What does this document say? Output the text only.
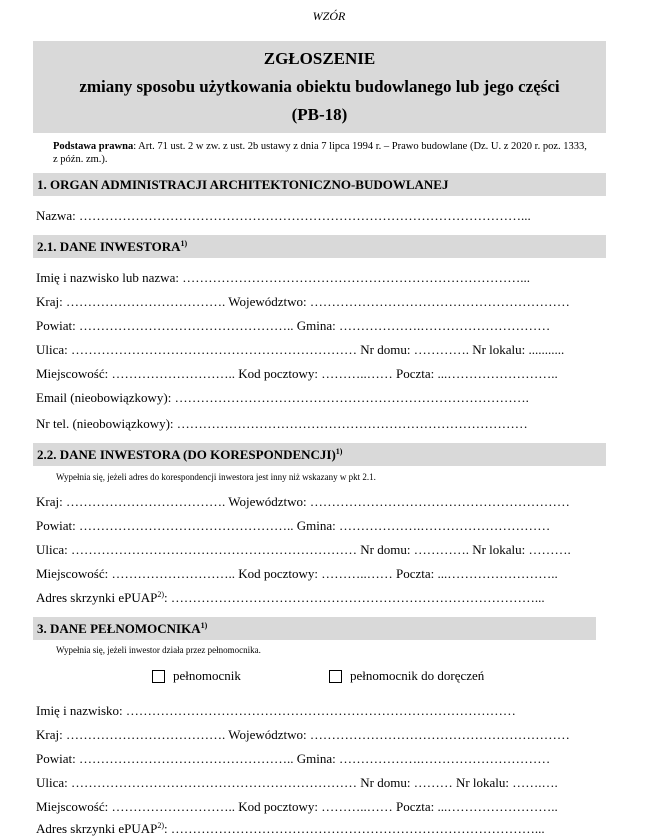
WZÓR
ZGŁOSZENIE
zmiany sposobu użytkowania obiektu budowlanego lub jego części
(PB-18)
Podstawa prawna: Art. 71 ust. 2 w zw. z ust. 2b ustawy z dnia 7 lipca 1994 r. – Prawo budowlane (Dz. U. z 2020 r. poz. 1333, z późn. zm.).
1. ORGAN ADMINISTRACJI ARCHITEKTONICZNO-BUDOWLANEJ
Nazwa: …………………………………………………………………………………………...
2.1. DANE INWESTORA$^{1)}$
Imię i nazwisko lub nazwa: ……………………………………………………………………...
Kraj: ………………………………. Województwo: ……………………………………………………
Powiat: ………………………………………….. Gmina: ……………….…………………………
Ulica: ………………………………………………………… Nr domu: …………. Nr lokalu: ...........
Miejscowość: ……………………….. Kod pocztowy: ………..…… Poczta: ...……………………..
Email (nieobowiązkowy): ……………………………………………………………………….
Nr tel. (nieobowiązkowy): ………………………………………………………………………
2.2. DANE INWESTORA (DO KORESPONDENCJI)$^{1)}$
Wypełnia się, jeżeli adres do korespondencji inwestora jest inny niż wskazany w pkt 2.1.
Kraj: ………………………………. Województwo: ……………………………………………………
Powiat: ………………………………………….. Gmina: ……………….…………………………
Ulica: ………………………………………………………… Nr domu: …………. Nr lokalu: ……….
Miejscowość: ……………………….. Kod pocztowy: ………..…… Poczta: ...……………………..
Adres skrzynki ePUAP$^{2)}$: …………………………………………………………………………...
3. DANE PEŁNOMOCNIKA$^{1)}$
Wypełnia się, jeżeli inwestor działa przez pełnomocnika.
pełnomocnik	pełnomocnik do doręczeń
Imię i nazwisko: ………………………………………………………………………………
Kraj: ………………………………. Województwo: ……………………………………………………
Powiat: ………………………………………….. Gmina: ……………….…………………………
Ulica: ………………………………………………………… Nr domu: ……… Nr lokalu: …….….
Miejscowość: ……………………….. Kod pocztowy: ………..…… Poczta: ...……………………..
Adres skrzynki ePUAP$^{2)}$: …………………………………………………………………………...
